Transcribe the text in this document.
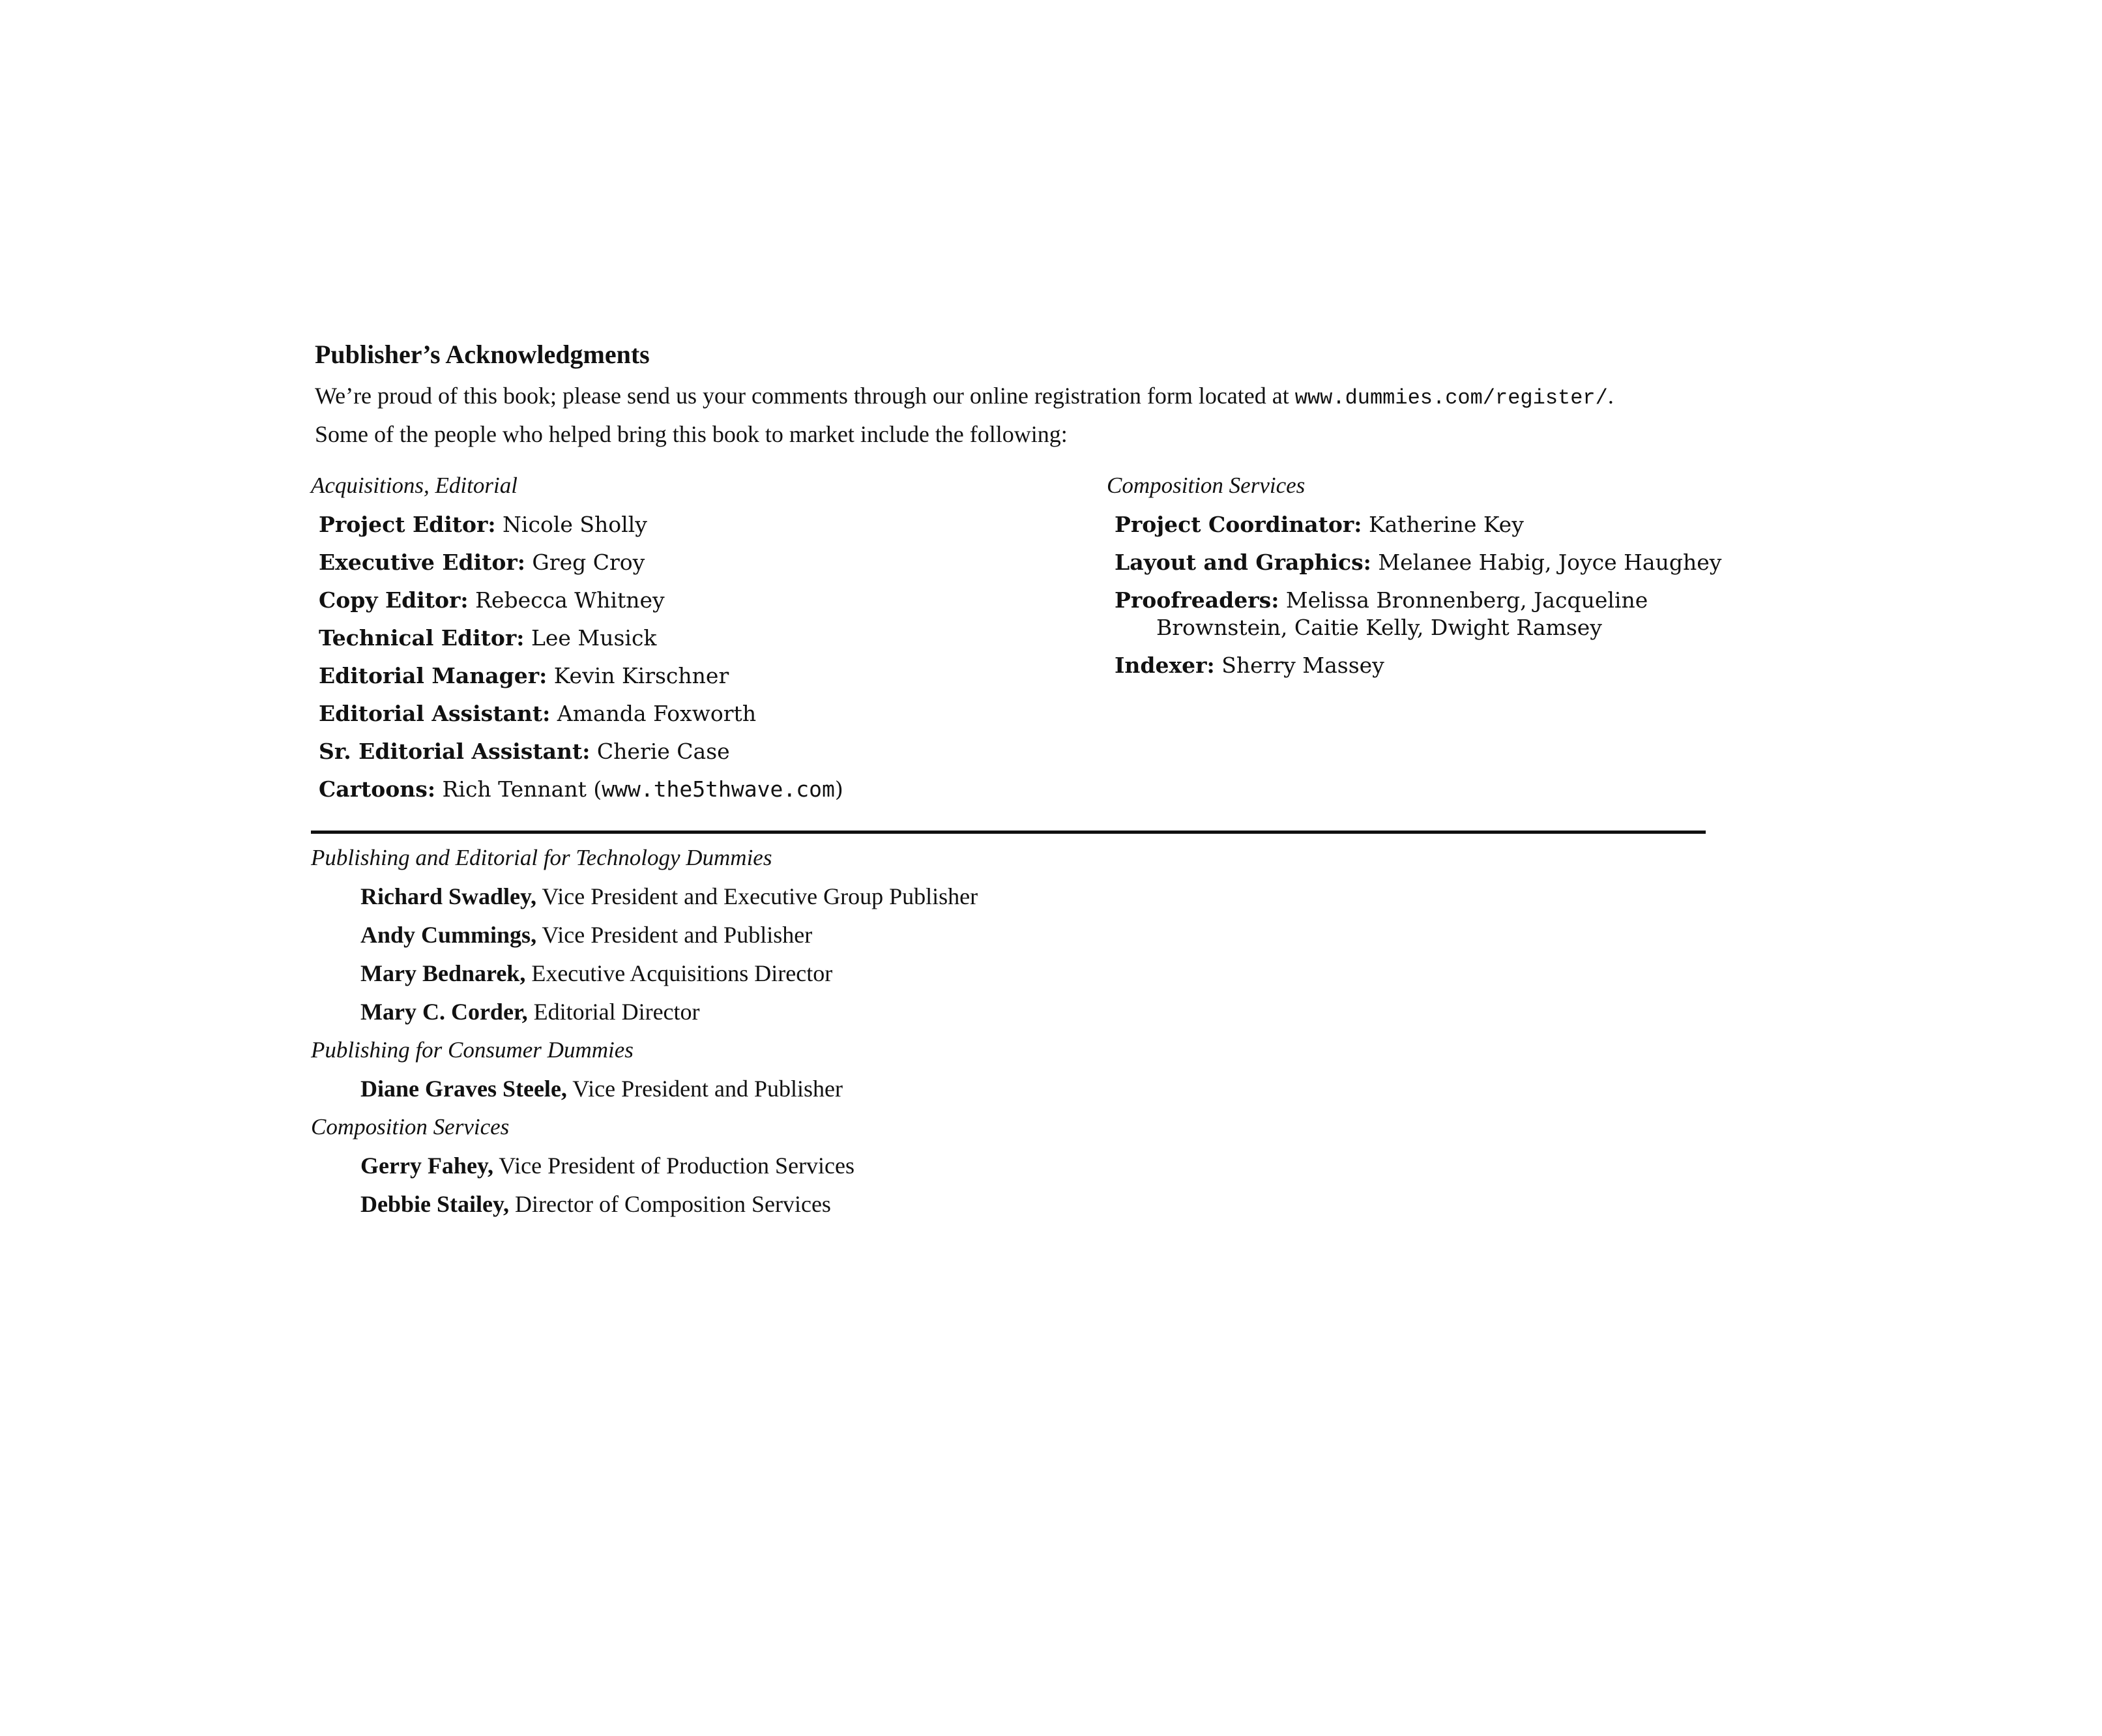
Publisher’s Acknowledgments
We’re proud of this book; please send us your comments through our online registration form located at www.dummies.com/register/.
Some of the people who helped bring this book to market include the following:
Acquisitions, Editorial
Project Editor: Nicole Sholly
Executive Editor: Greg Croy
Copy Editor: Rebecca Whitney
Technical Editor: Lee Musick
Editorial Manager: Kevin Kirschner
Editorial Assistant: Amanda Foxworth
Sr. Editorial Assistant: Cherie Case
Cartoons: Rich Tennant (www.the5thwave.com)
Composition Services
Project Coordinator: Katherine Key
Layout and Graphics: Melanee Habig, Joyce Haughey
Proofreaders: Melissa Bronnenberg, Jacqueline Brownstein, Caitie Kelly, Dwight Ramsey
Indexer: Sherry Massey
Publishing and Editorial for Technology Dummies
Richard Swadley, Vice President and Executive Group Publisher
Andy Cummings, Vice President and Publisher
Mary Bednarek, Executive Acquisitions Director
Mary C. Corder, Editorial Director
Publishing for Consumer Dummies
Diane Graves Steele, Vice President and Publisher
Composition Services
Gerry Fahey, Vice President of Production Services
Debbie Stailey, Director of Composition Services
